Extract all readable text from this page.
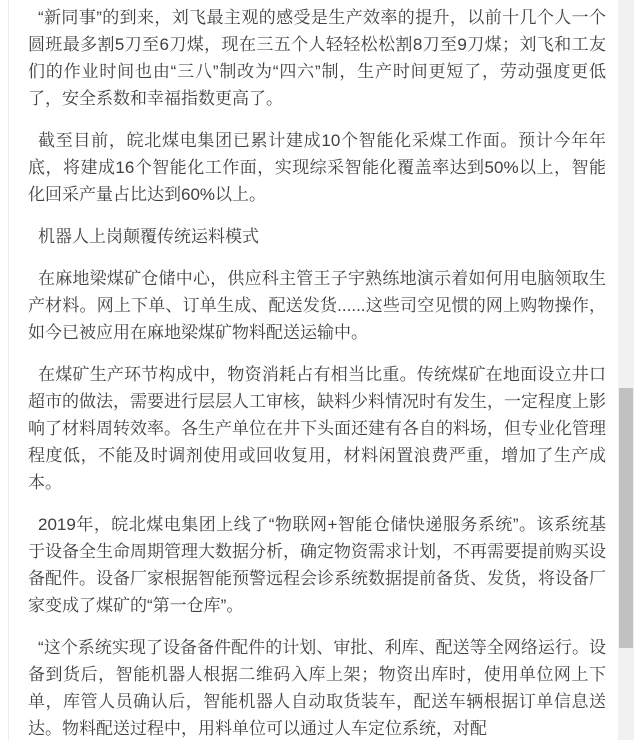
“新同事”的到来，刘飞最主观的感受是生产效率的提升，以前十几个人一个圆班最多割5刀至6刀煤，现在三五个人轻轻松松割8刀至9刀煤；刘飞和工友们的作业时间也由“三八”制改为“四六”制，生产时间更短了，劳动强度更低了，安全系数和幸福指数更高了。

截至目前，皖北煤电集团已累计建成10个智能化采煤工作面。预计今年年底，将建成16个智能化工作面，实现综采智能化覆盖率达到50%以上，智能化回采产量占比达到60%以上。

机器人上岗颠覆传统运料模式

在麻地梁煤矿仓储中心，供应科主管王子宇熟练地演示着如何用电脑领取生产材料。网上下单、订单生成、配送发货......这些司空见惯的网上购物操作，如今已被应用在麻地梁煤矿物料配送运输中。

在煤矿生产环节构成中，物资消耗占有相当比重。传统煤矿在地面设立井口超市的做法，需要进行层层人工审核，缺料少料情况时有发生，一定程度上影响了材料周转效率。各生产单位在井下头面还建有各自的料场，但专业化管理程度低，不能及时调剂使用或回收复用，材料闲置浪费严重，增加了生产成本。

2019年，皖北煤电集团上线了“物联网+智能仓储快递服务系统”。该系统基于设备全生命周期管理大数据分析，确定物资需求计划，不再需要提前购买设备配件。设备厂家根据智能预警远程会诊系统数据提前备货、发货，将设备厂家变成了煤矿的“第一仓库”。

“这个系统实现了设备备件配件的计划、审批、利库、配送等全网络运行。设备到货后，智能机器人根据二维码入库上架；物资出库时，使用单位网上下单，库管人员确认后，智能机器人自动取货装车，配送车辆根据订单信息送达。物料配送过程中，用料单位可以通过人车定位系统，对配
